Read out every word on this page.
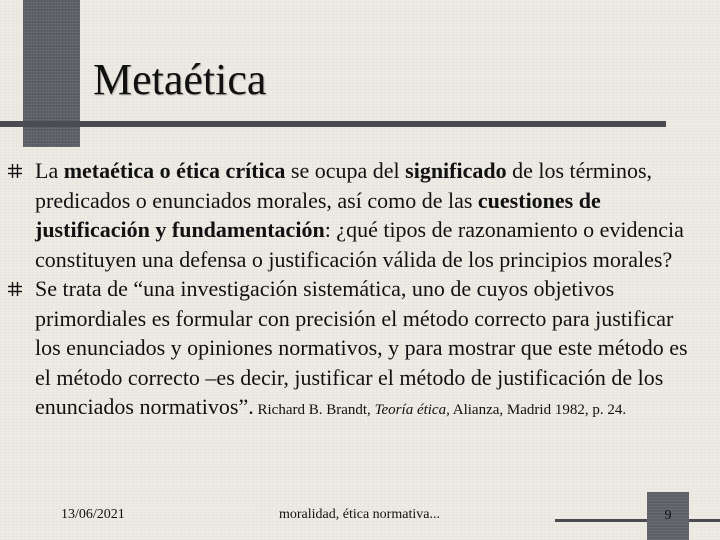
Metaética
La metaética o ética crítica se ocupa del significado de los términos, predicados o enunciados morales, así como de las cuestiones de justificación y fundamentación: ¿qué tipos de razonamiento o evidencia constituyen una defensa o justificación válida de los principios morales?
Se trata de “una investigación sistemática, uno de cuyos objetivos primordiales es formular con precisión el método correcto para justificar los enunciados y opiniones normativos, y para mostrar que este método es el método correcto –es decir, justificar el método de justificación de los enunciados normativos”. Richard B. Brandt, Teoría ética, Alianza, Madrid 1982, p. 24.
13/06/2021	moralidad, ética normativa...	9
